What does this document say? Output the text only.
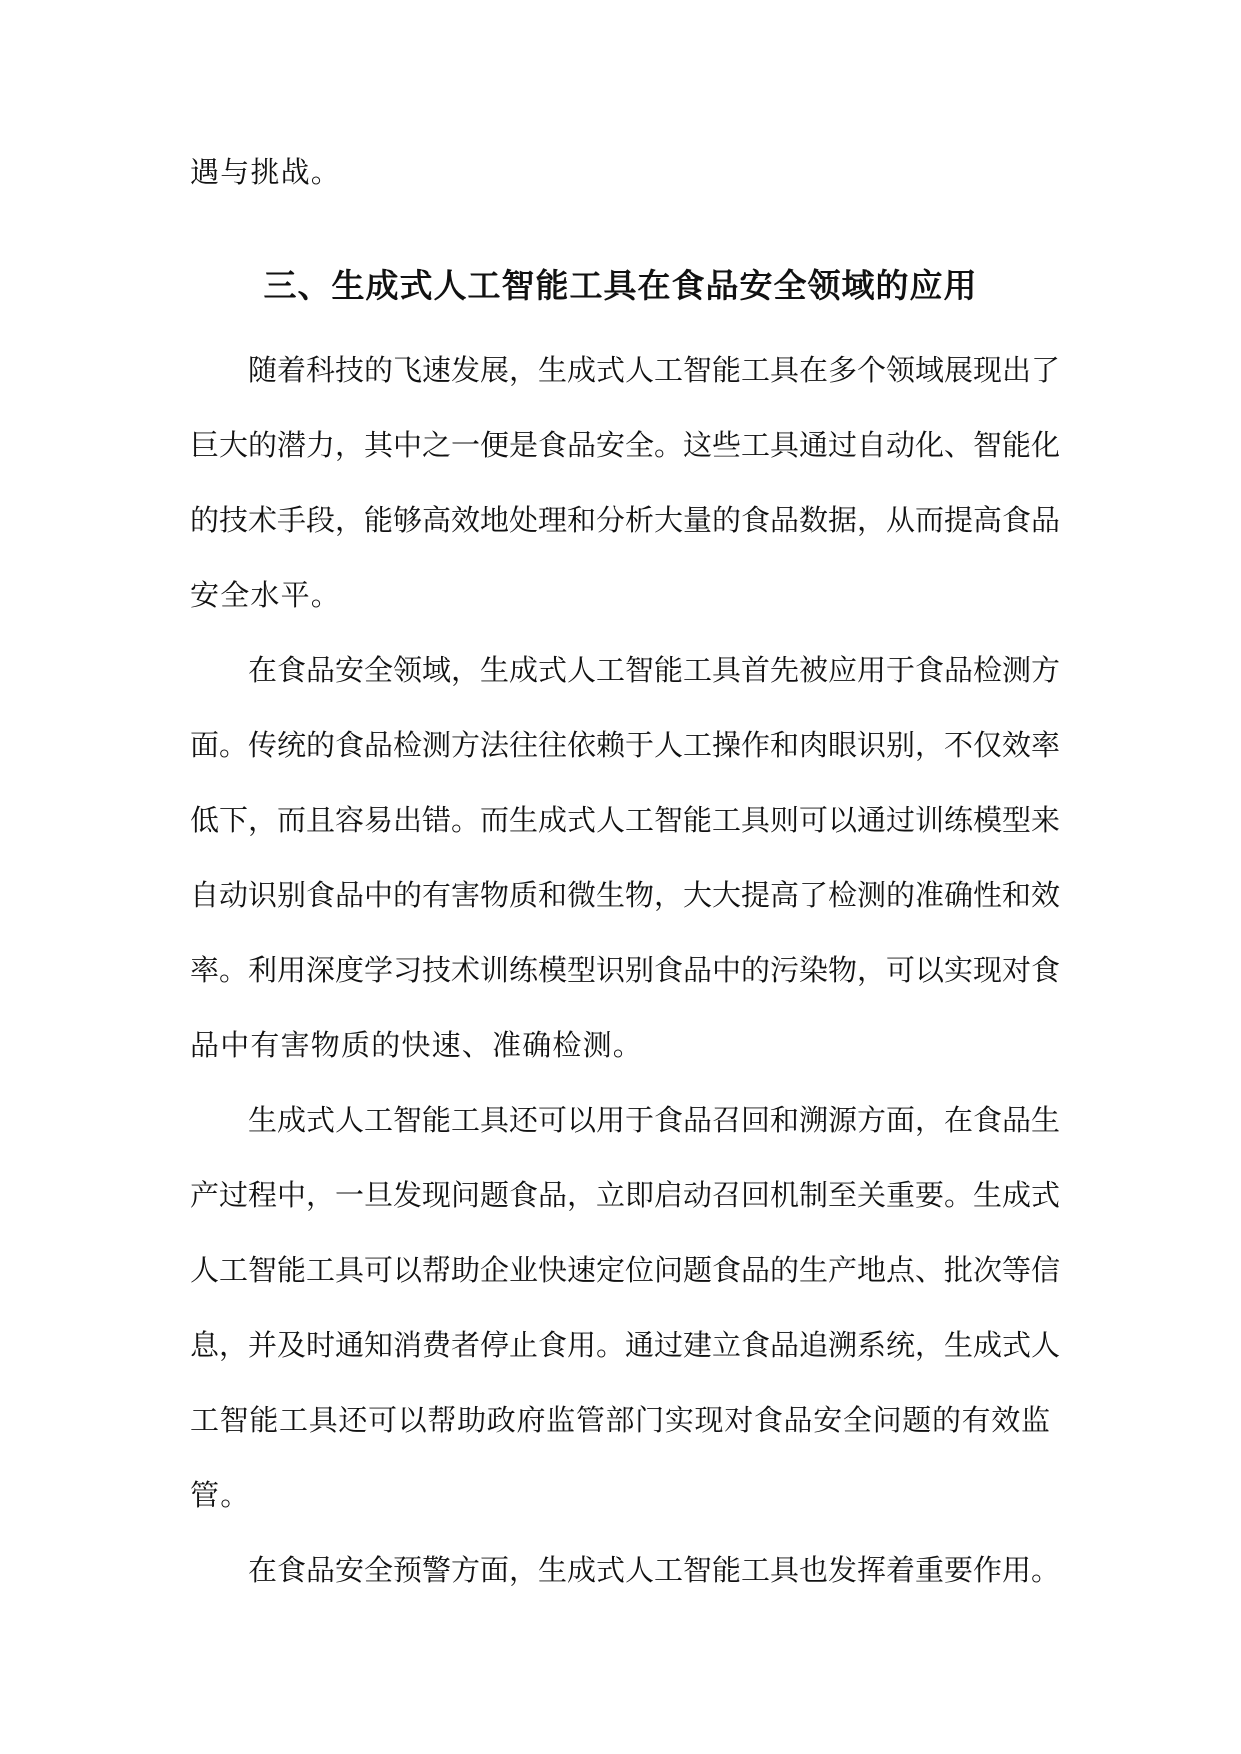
遇与挑战。
三、生成式人工智能工具在食品安全领域的应用
随着科技的飞速发展，生成式人工智能工具在多个领域展现出了
巨大的潜力，其中之一便是食品安全。这些工具通过自动化、智能化
的技术手段，能够高效地处理和分析大量的食品数据，从而提高食品
安全水平。
在食品安全领域，生成式人工智能工具首先被应用于食品检测方
面。传统的食品检测方法往往依赖于人工操作和肉眼识别，不仅效率
低下，而且容易出错。而生成式人工智能工具则可以通过训练模型来
自动识别食品中的有害物质和微生物，大大提高了检测的准确性和效
率。利用深度学习技术训练模型识别食品中的污染物，可以实现对食
品中有害物质的快速、准确检测。
生成式人工智能工具还可以用于食品召回和溯源方面，在食品生
产过程中，一旦发现问题食品，立即启动召回机制至关重要。生成式
人工智能工具可以帮助企业快速定位问题食品的生产地点、批次等信
息，并及时通知消费者停止食用。通过建立食品追溯系统，生成式人
工智能工具还可以帮助政府监管部门实现对食品安全问题的有效监
管。
在食品安全预警方面，生成式人工智能工具也发挥着重要作用。
